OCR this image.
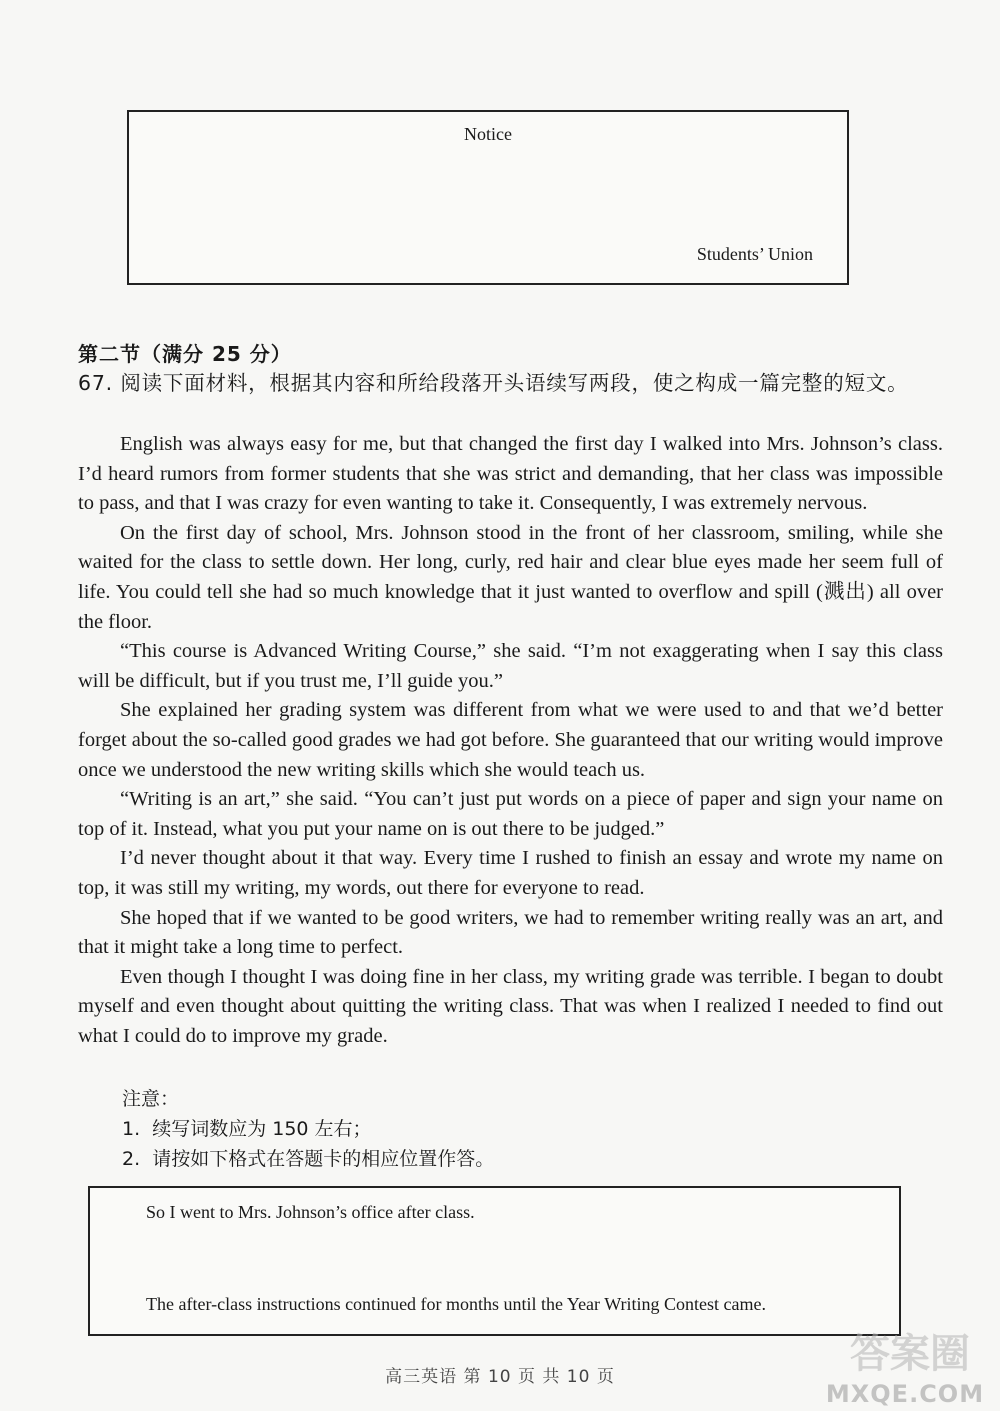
Notice
Students’ Union
第二节（满分 25 分）

67. 阅读下面材料，根据其内容和所给段落开头语续写两段，使之构成一篇完整的短文。

English was always easy for me, but that changed the first day I walked into Mrs. Johnson’s class. I’d heard rumors from former students that she was strict and demanding, that her class was impossible to pass, and that I was crazy for even wanting to take it. Consequently, I was extremely nervous.

On the first day of school, Mrs. Johnson stood in the front of her classroom, smiling, while she waited for the class to settle down. Her long, curly, red hair and clear blue eyes made her seem full of life. You could tell she had so much knowledge that it just wanted to overflow and spill (溅出) all over the floor.

“This course is Advanced Writing Course,” she said. “I’m not exaggerating when I say this class will be difficult, but if you trust me, I’ll guide you.”

She explained her grading system was different from what we were used to and that we’d better forget about the so-called good grades we had got before. She guaranteed that our writing would improve once we understood the new writing skills which she would teach us.

“Writing is an art,” she said. “You can’t just put words on a piece of paper and sign your name on top of it. Instead, what you put your name on is out there to be judged.”

I’d never thought about it that way. Every time I rushed to finish an essay and wrote my name on top, it was still my writing, my words, out there for everyone to read.

She hoped that if we wanted to be good writers, we had to remember writing really was an art, and that it might take a long time to perfect.

Even though I thought I was doing fine in her class, my writing grade was terrible. I began to doubt myself and even thought about quitting the writing class. That was when I realized I needed to find out what I could do to improve my grade.

注意：
1.  续写词数应为 150 左右；
2.  请按如下格式在答题卡的相应位置作答。
So I went to Mrs. Johnson’s office after class.
The after-class instructions continued for months until the Year Writing Contest came.
高三英语 第 10 页 共 10 页	答案圈
MXQE.COM
